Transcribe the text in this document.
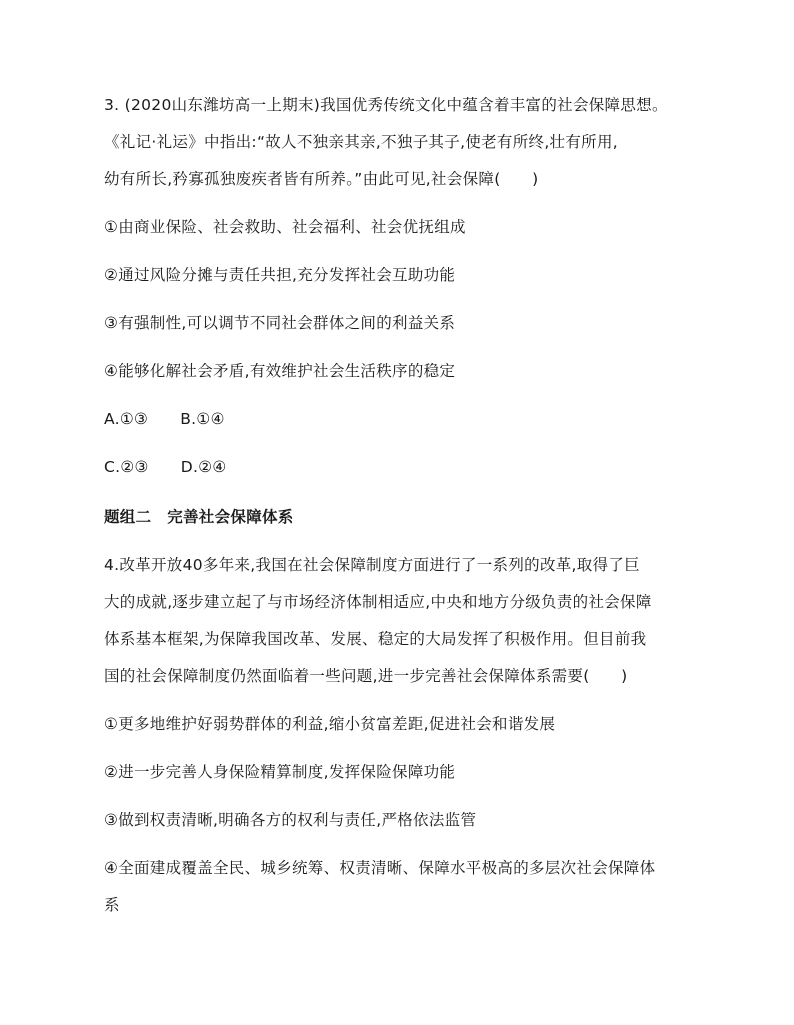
3. (2020山东潍坊高一上期末)我国优秀传统文化中蕴含着丰富的社会保障思想。
《礼记·礼运》中指出:“故人不独亲其亲,不独子其子,使老有所终,壮有所用,
幼有所长,矜寡孤独废疾者皆有所养。”由此可见,社会保障(　　)
①由商业保险、社会救助、社会福利、社会优抚组成
②通过风险分摊与责任共担,充分发挥社会互助功能
③有强制性,可以调节不同社会群体之间的利益关系
④能够化解社会矛盾,有效维护社会生活秩序的稳定
A.①③ B.①④
C.②③ D.②④
题组二　完善社会保障体系
4.改革开放40多年来,我国在社会保障制度方面进行了一系列的改革,取得了巨
大的成就,逐步建立起了与市场经济体制相适应,中央和地方分级负责的社会保障
体系基本框架,为保障我国改革、发展、稳定的大局发挥了积极作用。但目前我
国的社会保障制度仍然面临着一些问题,进一步完善社会保障体系需要(　　)
①更多地维护好弱势群体的利益,缩小贫富差距,促进社会和谐发展
②进一步完善人身保险精算制度,发挥保险保障功能
③做到权责清晰,明确各方的权利与责任,严格依法监管
④全面建成覆盖全民、城乡统筹、权责清晰、保障水平极高的多层次社会保障体
系
